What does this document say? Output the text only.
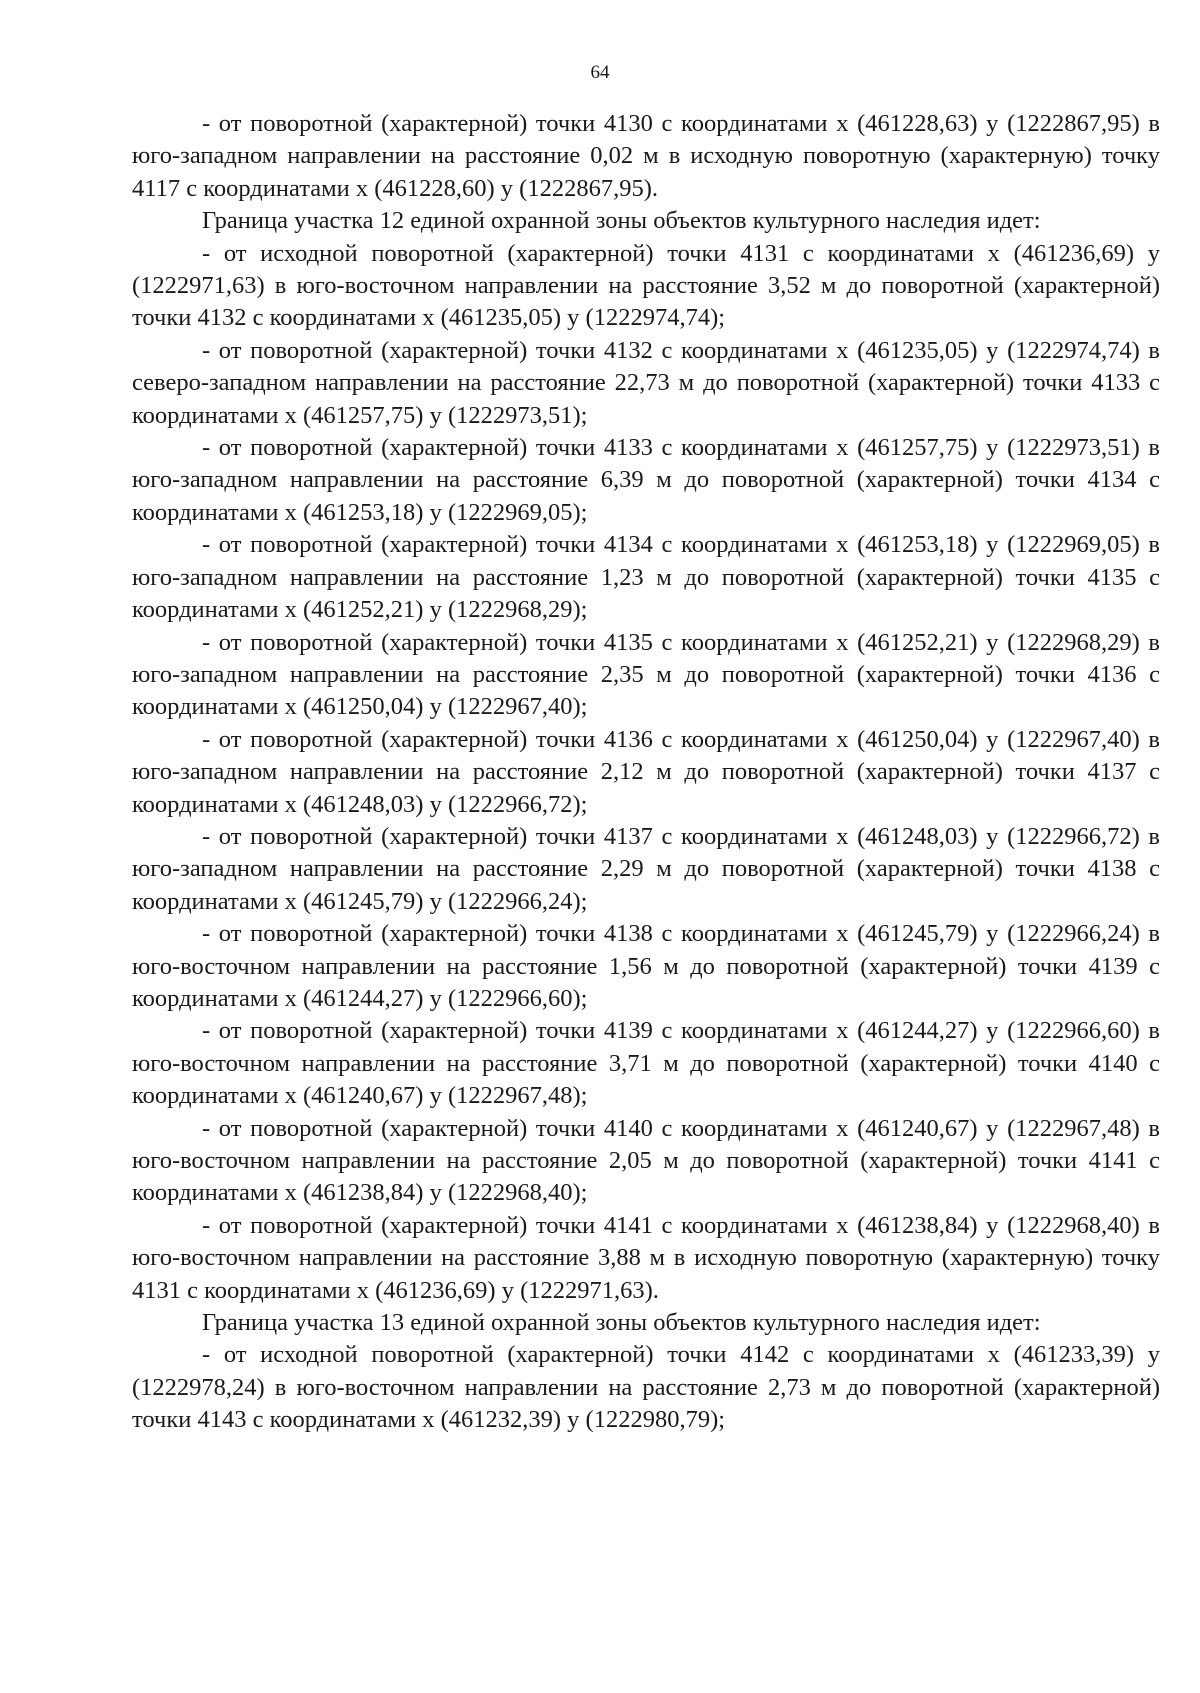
64

- от поворотной (характерной) точки 4130 с координатами x (461228,63) y (1222867,95) в юго-западном направлении на расстояние 0,02 м в исходную поворотную (характерную) точку 4117 с координатами x (461228,60) y (1222867,95).

Граница участка 12 единой охранной зоны объектов культурного наследия идет:

- от исходной поворотной (характерной) точки 4131 с координатами x (461236,69) y (1222971,63) в юго-восточном направлении на расстояние 3,52 м до поворотной (характерной) точки 4132 с координатами x (461235,05) y (1222974,74);

- от поворотной (характерной) точки 4132 с координатами x (461235,05) y (1222974,74) в северо-западном направлении на расстояние 22,73 м до поворотной (характерной) точки 4133 с координатами x (461257,75) y (1222973,51);

- от поворотной (характерной) точки 4133 с координатами x (461257,75) y (1222973,51) в юго-западном направлении на расстояние 6,39 м до поворотной (характерной) точки 4134 с координатами x (461253,18) y (1222969,05);

- от поворотной (характерной) точки 4134 с координатами x (461253,18) y (1222969,05) в юго-западном направлении на расстояние 1,23 м до поворотной (характерной) точки 4135 с координатами x (461252,21) y (1222968,29);

- от поворотной (характерной) точки 4135 с координатами x (461252,21) y (1222968,29) в юго-западном направлении на расстояние 2,35 м до поворотной (характерной) точки 4136 с координатами x (461250,04) y (1222967,40);

- от поворотной (характерной) точки 4136 с координатами x (461250,04) y (1222967,40) в юго-западном направлении на расстояние 2,12 м до поворотной (характерной) точки 4137 с координатами x (461248,03) y (1222966,72);

- от поворотной (характерной) точки 4137 с координатами x (461248,03) y (1222966,72) в юго-западном направлении на расстояние 2,29 м до поворотной (характерной) точки 4138 с координатами x (461245,79) y (1222966,24);

- от поворотной (характерной) точки 4138 с координатами x (461245,79) y (1222966,24) в юго-восточном направлении на расстояние 1,56 м до поворотной (характерной) точки 4139 с координатами x (461244,27) y (1222966,60);

- от поворотной (характерной) точки 4139 с координатами x (461244,27) y (1222966,60) в юго-восточном направлении на расстояние 3,71 м до поворотной (характерной) точки 4140 с координатами x (461240,67) y (1222967,48);

- от поворотной (характерной) точки 4140 с координатами x (461240,67) y (1222967,48) в юго-восточном направлении на расстояние 2,05 м до поворотной (характерной) точки 4141 с координатами x (461238,84) y (1222968,40);

- от поворотной (характерной) точки 4141 с координатами x (461238,84) y (1222968,40) в юго-восточном направлении на расстояние 3,88 м в исходную поворотную (характерную) точку 4131 с координатами x (461236,69) y (1222971,63).

Граница участка 13 единой охранной зоны объектов культурного наследия идет:

- от исходной поворотной (характерной) точки 4142 с координатами x (461233,39) y (1222978,24) в юго-восточном направлении на расстояние 2,73 м до поворотной (характерной) точки 4143 с координатами x (461232,39) y (1222980,79);
